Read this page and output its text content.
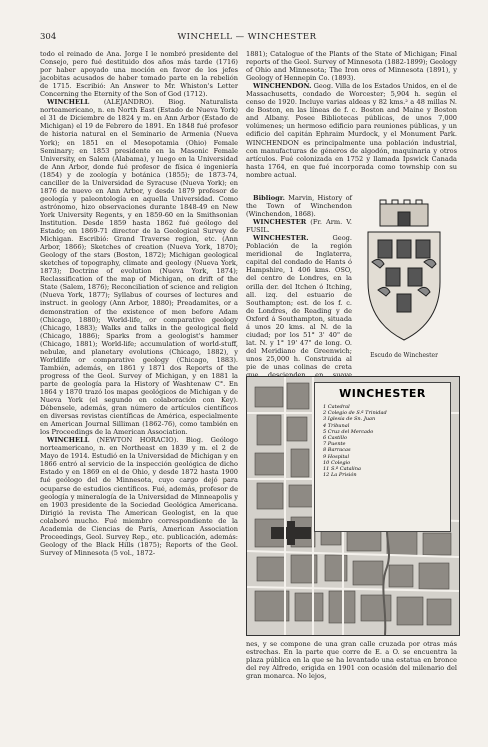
304	WINCHELL — WINCHESTER

todo el reinado de Ana. Jorge I le nombró presidente del Consejo, pero fué destituido dos años más tarde (1716) por haber apoyado una moción en favor de los jefes jacobitas acusados de haber tomado parte en la rebelión de 1715. Escribió: An Answer to Mr. Whiston's Letter Concerning the Eternity of the Son of God (1712).

WINCHELL (ALEJANDRO). Biog. Naturalista norteamericano, n. en North East (Estado de Nueva York) el 31 de Diciembre de 1824 y m. en Ann Arbor (Estado de Michigan) el 19 de Febrero de 1891. En 1848 fué profesor de historia natural en el Seminario de Armenia (Nueva York); en 1851 en el Mesopotamia (Ohio) Female Seminary; en 1853 presidente en la Masonic Female University, en Salem (Alabama), y luego en la Universidad de Ann Arbor, donde fué profesor de física é ingeniería (1854) y de zoología y botánica (1855); de 1873-74, canciller de la Universidad de Syracuse (Nueva York); en 1876 de nuevo en Ann Arbor, y desde 1879 profesor de geología y paleontología en aquella Universidad. Como astrónomo, hizo observaciones durante 1848-49 en New York University Regents, y en 1859-60 en la Smithsonian Institution. Desde 1859 hasta 1862 fué geólogo del Estado; en 1869-71 director de la Geological Survey de Michigan. Escribió: Grand Traverse region, etc. (Ann Arbor, 1866); Sketches of creation (Nueva York, 1870); Geology of the stars (Boston, 1872); Michigan geological sketches of topography, climate and geology (Nueva York, 1873); Doctrine of evolution (Nueva York, 1874); Reclassification of the map of Michigan, on drift of the State (Salem, 1876); Reconciliation of science and religion (Nueva York, 1877); Syllabus of courses of lectures and instruct. in geology (Ann Arbor, 1880); Preadamites, or a demonstration of the existence of men before Adam (Chicago, 1880); World-life, or comparative geology (Chicago, 1883); Walks and talks in the geological field (Chicago, 1886); Sparks from a geologist's hammer (Chicago, 1881); World-life; accumulation of world-stuff, nebulæ, and planetary evolutions (Chicago, 1882), y Worldlife or comparative geology (Chicago, 1883). También, además, en 1861 y 1871 dos Reports of the progress of the Geol. Survey of Michigan, y en 1881 la parte de geología para la History of Washtenaw C°. En 1864 y 1870 trazó los mapas geológicos de Michigan y de Nueva York (el segundo en colaboración con Key). Débensele, además, gran número de artículos científicos en diversas revistas científicas de América, especialmente en American Journal Silliman (1862-76), como también en los Proceedings de la American Association.

WINCHELL (NEWTON HORACIO). Biog. Geólogo norteamericano, n. en Northeast en 1839 y m. el 2 de Mayo de 1914. Estudió en la Universidad de Michigan y en 1866 entró al servicio de la inspección geológica de dicho Estado y en 1869 en el de Ohio, y desde 1872 hasta 1900 fué geólogo del de Minnesota, cuyo cargo dejó para ocuparse de estudios científicos. Fué, además, profesor de geología y mineralogía de la Universidad de Minneapolis y en 1903 presidente de la Sociedad Geológica Americana. Dirigió la revista The American Geologist, en la que colaboró mucho. Fué miembro correspondiente de la Academia de Ciencias de París, American Association Proceedings, Geol. Survey Rep., etc. publicación, además: Geology of the Black Hills (1875); Reports of the Geol. Survey of Minnesota (5 vol., 1872-

1881); Catalogue of the Plants of the State of Michigan; Final reports of the Geol. Survey of Minnesota (1882-1899); Geology of Ohio and Minnesota; The Iron ores of Minnesota (1891), y Geology of Hennepin Co. (1893).

WINCHENDON. Geog. Villa de los Estados Unidos, en el de Massachusetts, condado de Worcester; 5,904 h. según el censo de 1920. Incluye varias aldeas y 82 kms.² a 48 millas N. de Boston, en las líneas de f. c. Boston and Maine y Boston and Albany. Posee Bibliotecas públicas, de unos 7,000 volúmenes; un hermoso edificio para reuniones públicas, y un edificio del capitán Ephraim Murdock, y el Monument Park. WINCHENDON es principalmente una población industrial, con manufacturas de géneros de algodón, maquinaria y otros artículos. Fué colonizada en 1752 y llamada Ipswick Canada hasta 1764, en que fué incorporada como township con su nombre actual.

Bibliogr. Marvin, History of the Town of Winchendon (Winchendon, 1868).

WINCHESTER (Fr. Arm. V. FUSIL.

WINCHESTER.	Geog. Población de la región meridional de Inglaterra, capital del condado de Hants ó Hampshire, 1 406 kms. OSO, del centro de Londres, en la orilla der. del Itchen ó Itching, all. izq. del estuario de Southampton; est. de los f. c. de Londres, de Reading y de Oxford á Southampton, situada á unos 20 kms. al N. de la ciudad; por los 51° 3' 40" de lat. N. y 1° 19' 47" de long. O. del Meridiano de Greenwich; unos 25,000 h. Construida al pie de unas colinas de creta

Escudo de Winchester
WINCHESTER
1 Catedral
2 Colegio de S.ª Trinidad
3 Iglesia de Sn. Juan
4 Tribunal
5 Cruz del Mercado
6 Castillo
7 Puente
8 Barracas
9 Hospital
10 Colegio
11 S.ª Catalina
12 La Prisión

nes, y se compone de una gran calle cruzada por otras más estrechas. En la parte que corre de E. a O. se encuentra la plaza pública en la que se ha levantado una estatua en bronce del rey Alfredo, erigida en 1901 con ocasión del milenario del gran monarca. No lejos,
